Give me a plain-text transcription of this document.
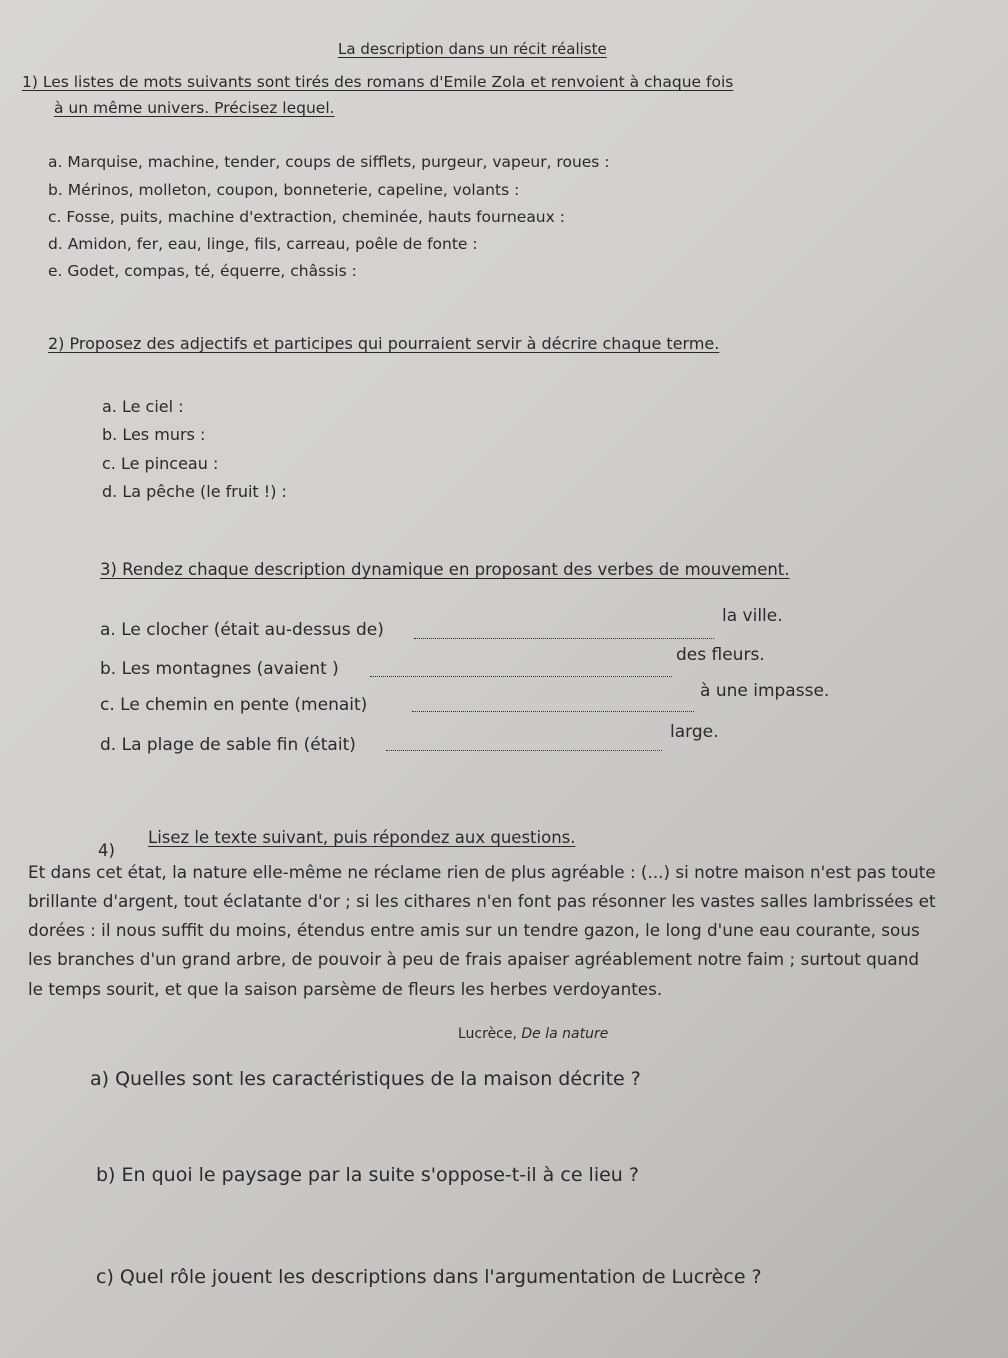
La description dans un récit réaliste
1) Les listes de mots suivants sont tirés des romans d'Emile Zola et renvoient à chaque fois
à un même univers. Précisez lequel.
a. Marquise, machine, tender, coups de sifflets, purgeur, vapeur, roues :
b. Mérinos, molleton, coupon, bonneterie, capeline, volants :
c. Fosse, puits, machine d'extraction, cheminée, hauts fourneaux :
d. Amidon, fer, eau, linge, fils, carreau, poêle de fonte :
e. Godet, compas, té, équerre, châssis :
2) Proposez des adjectifs et participes qui pourraient servir à décrire chaque terme.
a. Le ciel :
b. Les murs :
c. Le pinceau :
d. La pêche (le fruit !) :
3) Rendez chaque description dynamique en proposant des verbes de mouvement.
a. Le clocher (était au-dessus de)
la ville.
b. Les montagnes (avaient )
des fleurs.
c. Le chemin en pente (menait)
à une impasse.
d. La plage de sable fin (était)
large.
4)
Lisez le texte suivant, puis répondez aux questions.
Et dans cet état, la nature elle-même ne réclame rien de plus agréable : (...) si notre maison n'est pas toute
brillante d'argent, tout éclatante d'or ; si les cithares n'en font pas résonner les vastes salles lambrissées et
dorées : il nous suffit du moins, étendus entre amis sur un tendre gazon, le long d'une eau courante, sous
les branches d'un grand arbre, de pouvoir à peu de frais apaiser agréablement notre faim ; surtout quand
le temps sourit, et que la saison parsème de fleurs les herbes verdoyantes.
Lucrèce, De la nature
a) Quelles sont les caractéristiques de la maison décrite ?
b) En quoi le paysage par la suite s'oppose-t-il à ce lieu ?
c) Quel rôle jouent les descriptions dans l'argumentation de Lucrèce ?
